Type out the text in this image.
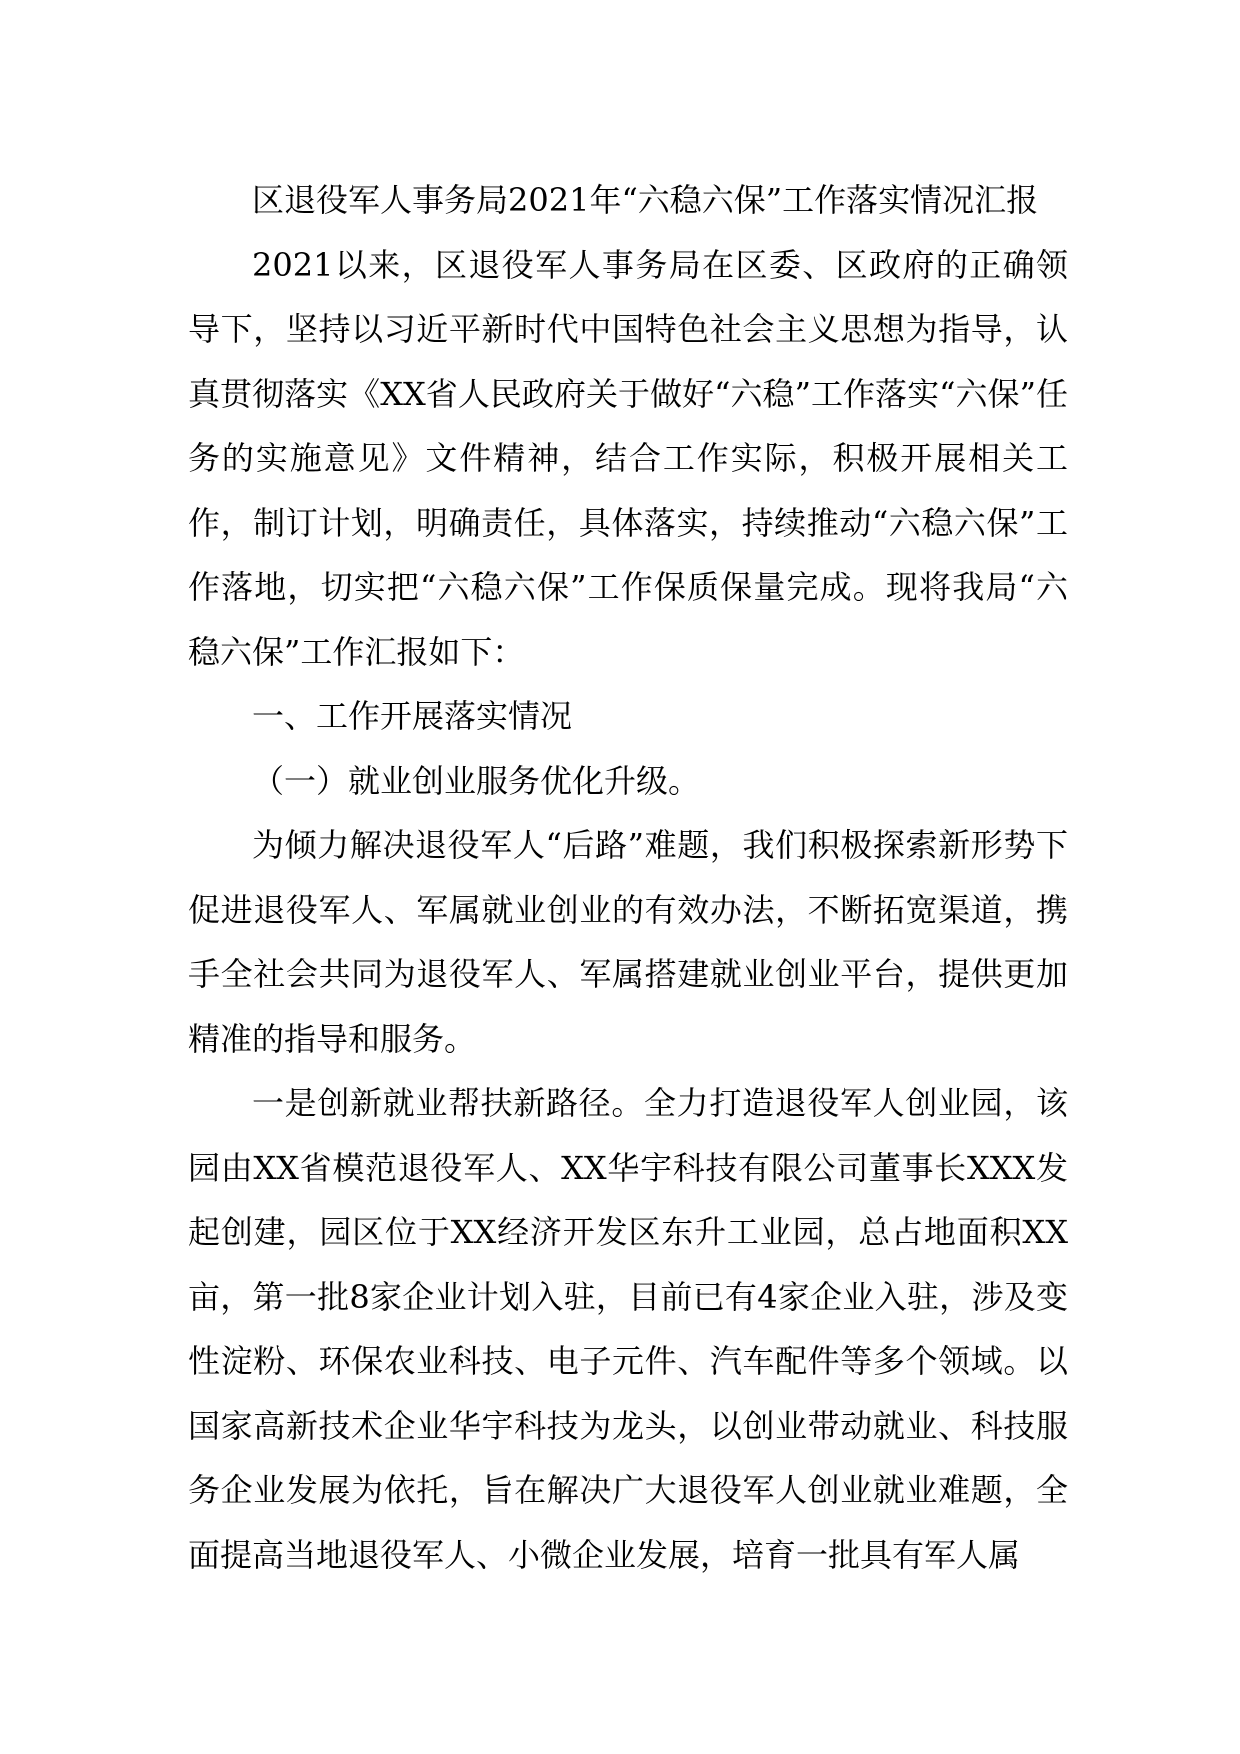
区退役军人事务局2021年“六稳六保”工作落实情况汇报

2021以来，区退役军人事务局在区委、区政府的正确领导下，坚持以习近平新时代中国特色社会主义思想为指导，认真贯彻落实《XX省人民政府关于做好“六稳”工作落实“六保”任务的实施意见》文件精神，结合工作实际，积极开展相关工作，制订计划，明确责任，具体落实，持续推动“六稳六保”工作落地，切实把“六稳六保”工作保质保量完成。现将我局“六稳六保”工作汇报如下：

一、工作开展落实情况

（一）就业创业服务优化升级。

为倾力解决退役军人“后路”难题，我们积极探索新形势下促进退役军人、军属就业创业的有效办法，不断拓宽渠道，携手全社会共同为退役军人、军属搭建就业创业平台，提供更加精准的指导和服务。

一是创新就业帮扶新路径。全力打造退役军人创业园，该园由XX省模范退役军人、XX华宇科技有限公司董事长XXX发起创建，园区位于XX经济开发区东升工业园，总占地面积XX亩，第一批8家企业计划入驻，目前已有4家企业入驻，涉及变性淀粉、环保农业科技、电子元件、汽车配件等多个领域。以国家高新技术企业华宇科技为龙头，以创业带动就业、科技服务企业发展为依托，旨在解决广大退役军人创业就业难题，全面提高当地退役军人、小微企业发展，培育一批具有军人属
